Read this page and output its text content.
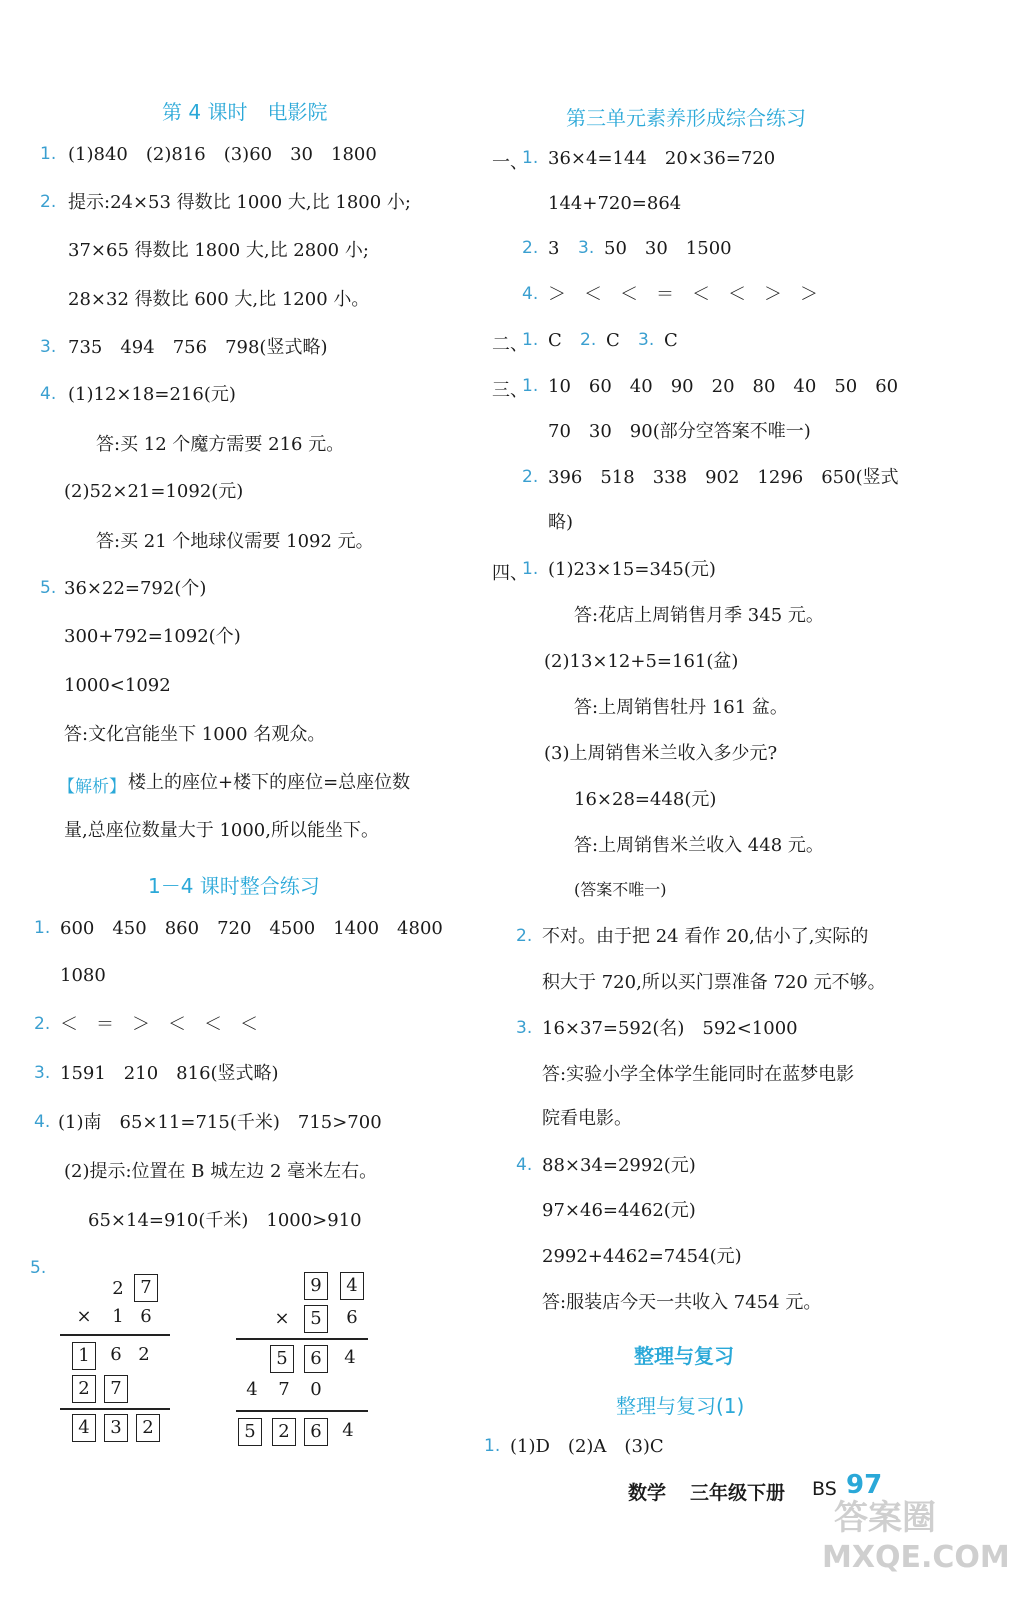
第 4 课时　电影院
1. (1)840　(2)816　(3)60　30　1800
2. 提示:24×53 得数比 1000 大,比 1800 小;
37×65 得数比 1800 大,比 2800 小;
28×32 得数比 600 大,比 1200 小。
3. 735　494　756　798(竖式略)
4. (1)12×18=216(元)
答:买 12 个魔方需要 216 元。
(2)52×21=1092(元)
答:买 21 个地球仪需要 1092 元。
5. 36×22=792(个)
300+792=1092(个)
1000<1092
答:文化宫能坐下 1000 名观众。
【解析】 楼上的座位+楼下的座位=总座位数
量,总座位数量大于 1000,所以能坐下。
1－4 课时整合练习
1. 600　450　860　720　4500　1400　4800
1080
2. ＜　＝　＞　＜　＜　＜
3. 1591　210　816(竖式略)
4. (1)南　65×11=715(千米)　715>700
(2)提示:位置在 B 城左边 2 毫米左右。
65×14=910(千米)　1000>910
5.
2 7
×	1 6
1	6 2
2	7
4	3	2
9	4
×	5	6
5	6	4
4	7	0
5	2	6	4
第三单元素养形成综合练习
一、
1. 36×4=144　20×36=720
144+720=864
2. 3 3. 50　30　1500
4. ＞　＜　＜　＝　＜　＜　＞　＞
二、
1. C 2. C 3. C
三、
1. 10　60　40　90　20　80　40　50　60
70　30　90(部分空答案不唯一)
2. 396　518　338　902　1296　650(竖式
略)
四、
1. (1)23×15=345(元)
答:花店上周销售月季 345 元。
(2)13×12+5=161(盆)
答:上周销售牡丹 161 盆。
(3)上周销售米兰收入多少元?
16×28=448(元)
答:上周销售米兰收入 448 元。
(答案不唯一)
2. 不对。由于把 24 看作 20,估小了,实际的
积大于 720,所以买门票准备 720 元不够。
3. 16×37=592(名)　592<1000
答:实验小学全体学生能同时在蓝梦电影
院看电影。
4. 88×34=2992(元)
97×46=4462(元)
2992+4462=7454(元)
答:服装店今天一共收入 7454 元。
整理与复习
整理与复习(1)
1. (1)D　(2)A　(3)C
数学 三年级下册 BS 97
答案圈
MXQE.COM
